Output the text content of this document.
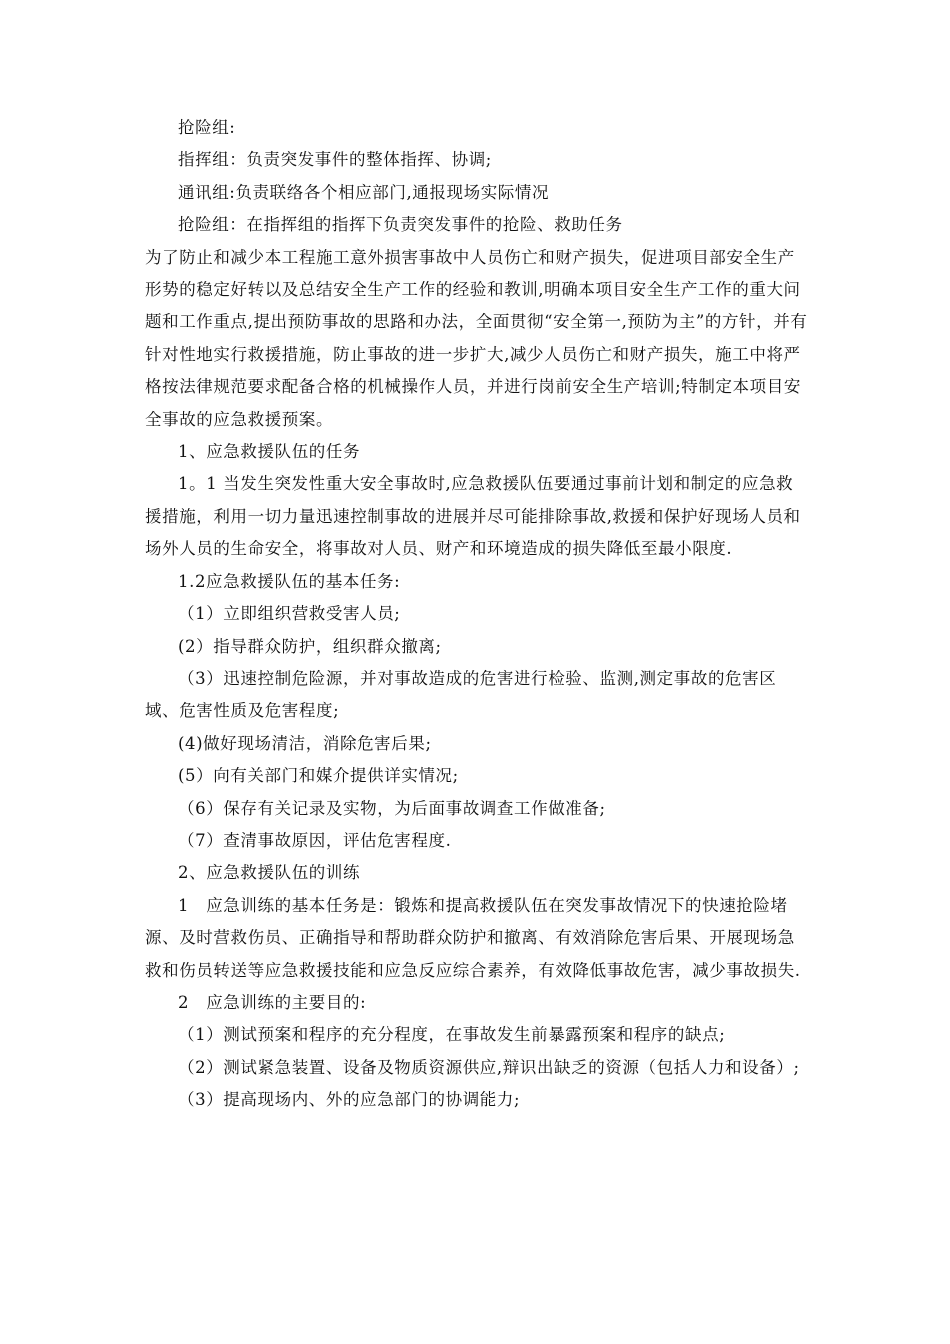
抢险组:

指挥组：负责突发事件的整体指挥、协调;

通讯组:负责联络各个相应部门,通报现场实际情况

抢险组：在指挥组的指挥下负责突发事件的抢险、救助任务

为了防止和减少本工程施工意外损害事故中人员伤亡和财产损失，促进项目部安全生产形势的稳定好转以及总结安全生产工作的经验和教训,明确本项目安全生产工作的重大问题和工作重点,提出预防事故的思路和办法，全面贯彻“安全第一,预防为主”的方针，并有针对性地实行救援措施，防止事故的进一步扩大,减少人员伤亡和财产损失，施工中将严格按法律规范要求配备合格的机械操作人员，并进行岗前安全生产培训;特制定本项目安全事故的应急救援预案。

1、应急救援队伍的任务

1。1 当发生突发性重大安全事故时,应急救援队伍要通过事前计划和制定的应急救援措施，利用一切力量迅速控制事故的进展并尽可能排除事故,救援和保护好现场人员和场外人员的生命安全，将事故对人员、财产和环境造成的损失降低至最小限度.

1.2应急救援队伍的基本任务:

（1）立即组织营救受害人员;

(2）指导群众防护，组织群众撤离;

（3）迅速控制危险源，并对事故造成的危害进行检验、监测,测定事故的危害区域、危害性质及危害程度;

(4)做好现场清洁，消除危害后果;

(5）向有关部门和媒介提供详实情况;

（6）保存有关记录及实物，为后面事故调查工作做准备;

（7）查清事故原因，评估危害程度.

2、应急救援队伍的训练

1　应急训练的基本任务是：锻炼和提高救援队伍在突发事故情况下的快速抢险堵源、及时营救伤员、正确指导和帮助群众防护和撤离、有效消除危害后果、开展现场急救和伤员转送等应急救援技能和应急反应综合素养，有效降低事故危害，减少事故损失.

2　应急训练的主要目的:

（1）测试预案和程序的充分程度，在事故发生前暴露预案和程序的缺点;

（2）测试紧急装置、设备及物质资源供应,辩识出缺乏的资源（包括人力和设备）;

（3）提高现场内、外的应急部门的协调能力;
